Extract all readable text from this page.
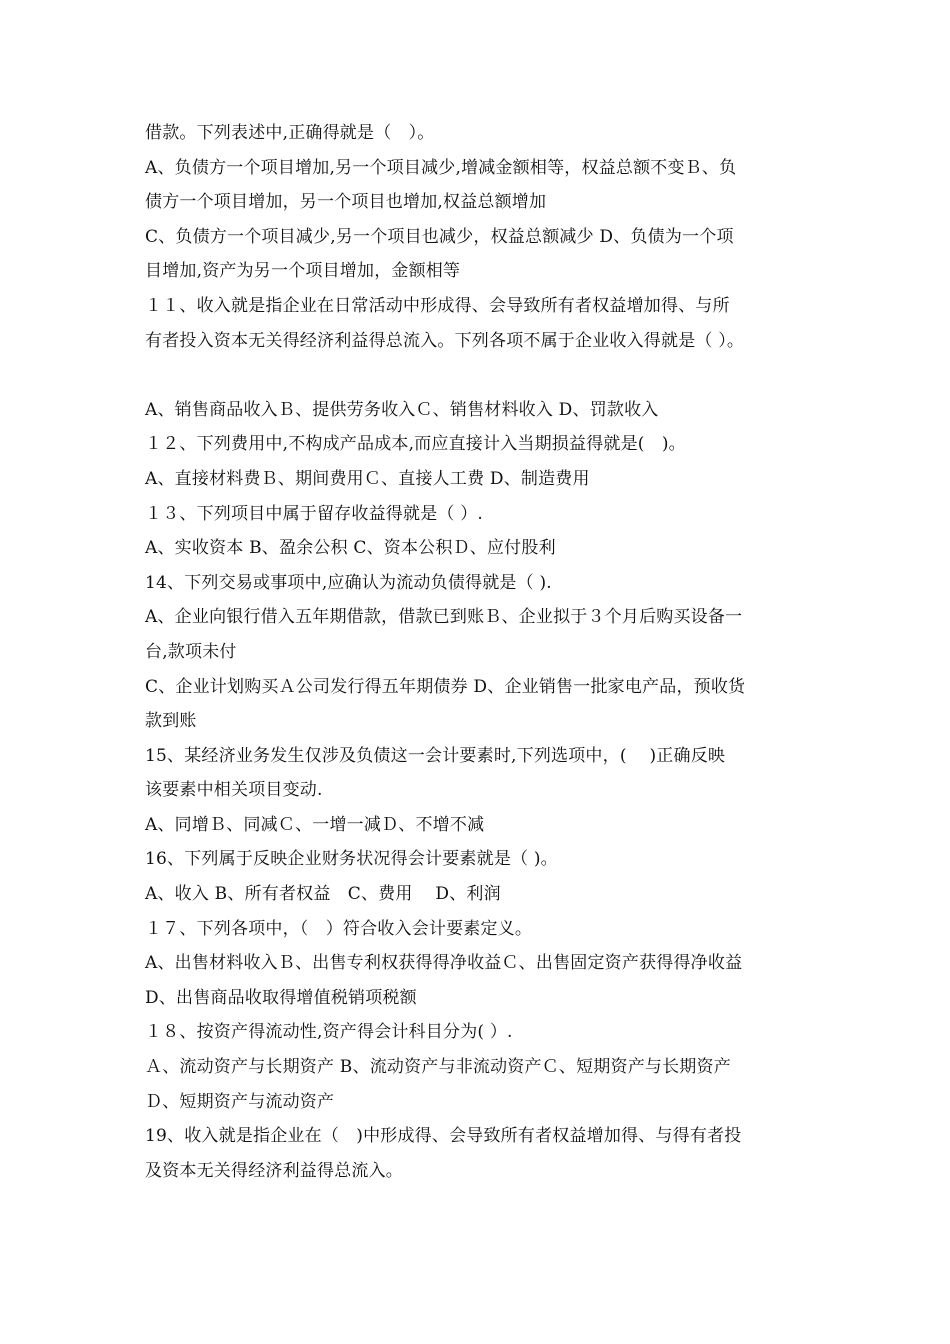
借款。下列表述中,正确得就是（　）。
A、负债方一个项目增加,另一个项目减少,增减金额相等，权益总额不变Ｂ、负
债方一个项目增加，另一个项目也增加,权益总额增加
C、负债方一个项目减少,另一个项目也减少，权益总额减少 D、负债为一个项
目增加,资产为另一个项目增加，金额相等
１１、收入就是指企业在日常活动中形成得、会导致所有者权益增加得、与所
有者投入资本无关得经济利益得总流入。下列各项不属于企业收入得就是（ ）。
A、销售商品收入Ｂ、提供劳务收入Ｃ、销售材料收入 D、罚款收入
１２、下列费用中,不构成产品成本,而应直接计入当期损益得就是(　)。
A、直接材料费Ｂ、期间费用Ｃ、直接人工费 D、制造费用
１３、下列项目中属于留存收益得就是（ ）.
A、实收资本 B、盈余公积 C、资本公积Ｄ、应付股利
14、下列交易或事项中,应确认为流动负债得就是（ ).
A、企业向银行借入五年期借款，借款已到账Ｂ、企业拟于３个月后购买设备一
台,款项未付
C、企业计划购买Ａ公司发行得五年期债券 D、企业销售一批家电产品，预收货
款到账
15、某经济业务发生仅涉及负债这一会计要素时,下列选项中，(　 )正确反映
该要素中相关项目变动.
A、同增Ｂ、同减Ｃ、一增一减Ｄ、不增不减
16、下列属于反映企业财务状况得会计要素就是（ )。
A、收入 B、所有者权益　C、费用　 D、利润
１７、下列各项中，（　）符合收入会计要素定义。
A、出售材料收入Ｂ、出售专利权获得得净收益Ｃ、出售固定资产获得得净收益
D、出售商品收取得增值税销项税额
１８、按资产得流动性,资产得会计科目分为( ）.
Ａ、流动资产与长期资产 B、流动资产与非流动资产Ｃ、短期资产与长期资产
Ｄ、短期资产与流动资产
19、收入就是指企业在（　)中形成得、会导致所有者权益增加得、与得有者投
及资本无关得经济利益得总流入。
